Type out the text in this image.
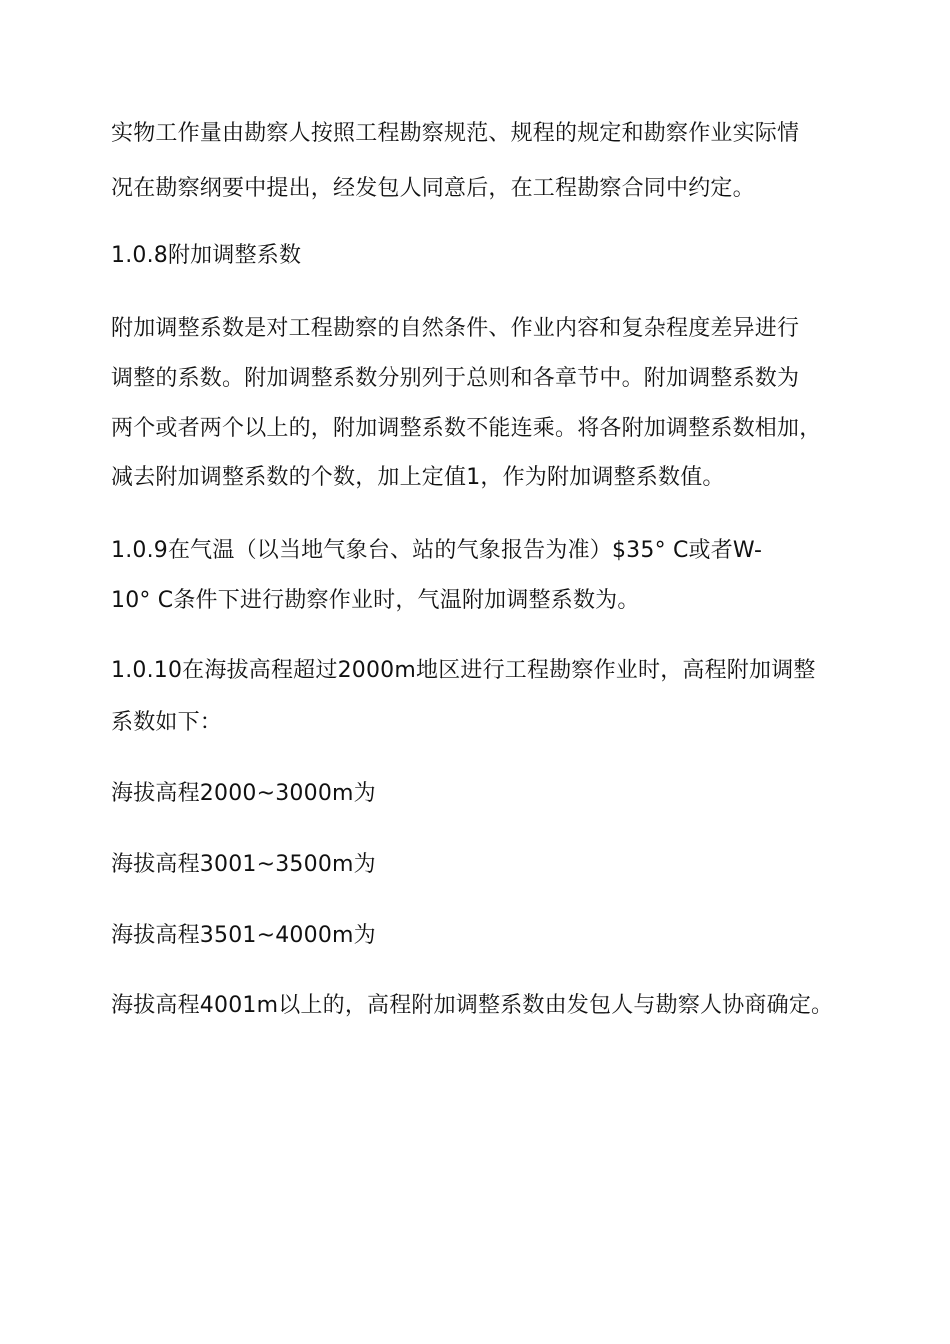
实物工作量由勘察人按照工程勘察规范、规程的规定和勘察作业实际情
况在勘察纲要中提出，经发包人同意后，在工程勘察合同中约定。
1.0.8附加调整系数
附加调整系数是对工程勘察的自然条件、作业内容和复杂程度差异进行
调整的系数。附加调整系数分别列于总则和各章节中。附加调整系数为
两个或者两个以上的，附加调整系数不能连乘。将各附加调整系数相加，
减去附加调整系数的个数，加上定值1，作为附加调整系数值。
1.0.9在气温（以当地气象台、站的气象报告为准）$35° C或者W-
10° C条件下进行勘察作业时，气温附加调整系数为。
1.0.10在海拔高程超过2000m地区进行工程勘察作业时，高程附加调整
系数如下：
海拔高程2000~3000m为
海拔高程3001~3500m为
海拔高程3501~4000m为
海拔高程4001m以上的，高程附加调整系数由发包人与勘察人协商确定。
